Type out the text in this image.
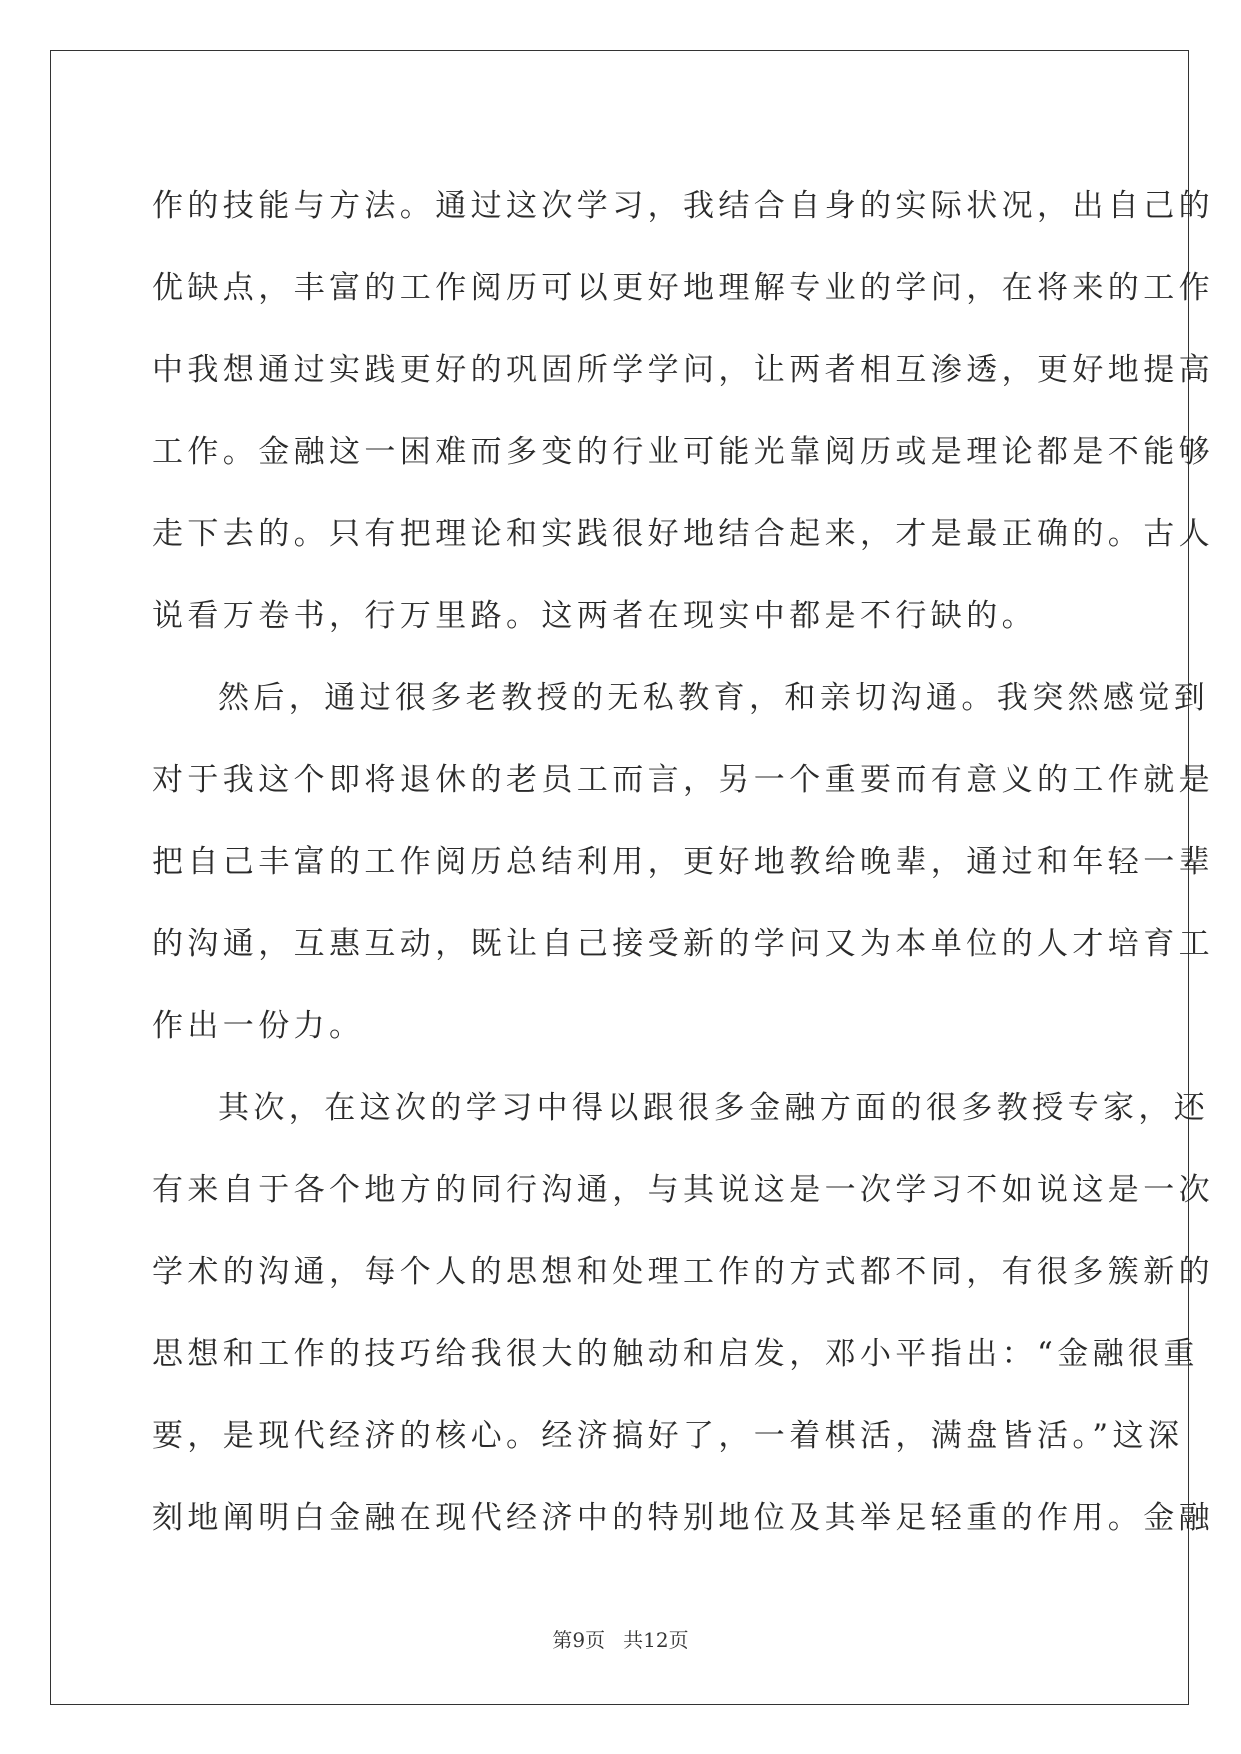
作的技能与方法。通过这次学习，我结合自身的实际状况，出自己的
优缺点，丰富的工作阅历可以更好地理解专业的学问，在将来的工作
中我想通过实践更好的巩固所学学问，让两者相互渗透，更好地提高
工作。金融这一困难而多变的行业可能光靠阅历或是理论都是不能够
走下去的。只有把理论和实践很好地结合起来，才是最正确的。古人
说看万卷书，行万里路。这两者在现实中都是不行缺的。
然后，通过很多老教授的无私教育，和亲切沟通。我突然感觉到
对于我这个即将退休的老员工而言，另一个重要而有意义的工作就是
把自己丰富的工作阅历总结利用，更好地教给晚辈，通过和年轻一辈
的沟通，互惠互动，既让自己接受新的学问又为本单位的人才培育工
作出一份力。
其次，在这次的学习中得以跟很多金融方面的很多教授专家，还
有来自于各个地方的同行沟通，与其说这是一次学习不如说这是一次
学术的沟通，每个人的思想和处理工作的方式都不同，有很多簇新的
思想和工作的技巧给我很大的触动和启发，邓小平指出：“金融很重
要，是现代经济的核心。经济搞好了，一着棋活，满盘皆活。”这深
刻地阐明白金融在现代经济中的特别地位及其举足轻重的作用。金融
第9页 共12页
